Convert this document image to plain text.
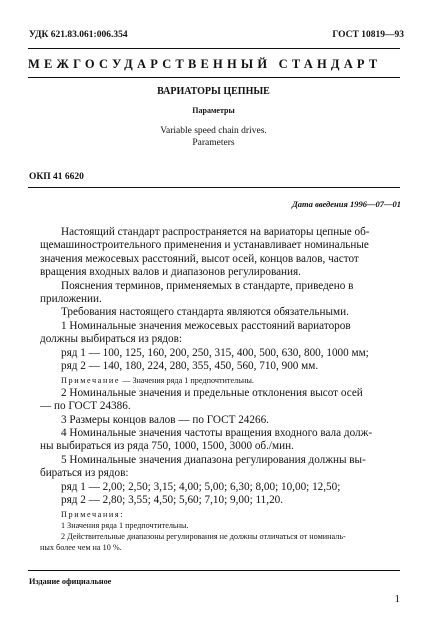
УДК 621.83.061:006.354	ГОСТ 10819—93
МЕЖГОСУДАРСТВЕННЫЙ СТАНДАРТ
ВАРИАТОРЫ ЦЕПНЫЕ
Параметры
Variable speed chain drives.
Parameters
ОКП 41 6620
Дата введения 1996—07—01
Настоящий стандарт распространяется на вариаторы цепные об-
щемашиностроительного применения и устанавливает номинальные
значения межосевых расстояний, высот осей, концов валов, частот
вращения входных валов и диапазонов регулирования.
Пояснения терминов, применяемых в стандарте, приведено в
приложении.
Требования настоящего стандарта являются обязательными.
1 Номинальные значения межосевых расстояний вариаторов
должны выбираться из рядов:
ряд 1 — 100, 125, 160, 200, 250, 315, 400, 500, 630, 800, 1000 мм;
ряд 2 — 140, 180, 224, 280, 355, 450, 560, 710, 900 мм.
Примечание — Значения ряда 1 предпочтительны.
2 Номинальные значения и предельные отклонения высот осей
— по ГОСТ 24386.
3 Размеры концов валов — по ГОСТ 24266.
4 Номинальные значения частоты вращения входного вала долж-
ны выбираться из ряда 750, 1000, 1500, 3000 об./мин.
5 Номинальные значения диапазона регулирования должны вы-
бираться из рядов:
ряд 1 — 2,00; 2,50; 3,15; 4,00; 5,00; 6,30; 8,00; 10,00; 12,50;
ряд 2 — 2,80; 3,55; 4,50; 5,60; 7,10; 9,00; 11,20.
Примечания:
1 Значения ряда 1 предпочтительны.
2 Действительные диапазоны регулирования не должны отличаться от номиналь-
ных более чем на 10 %.
Издание официальное
1
